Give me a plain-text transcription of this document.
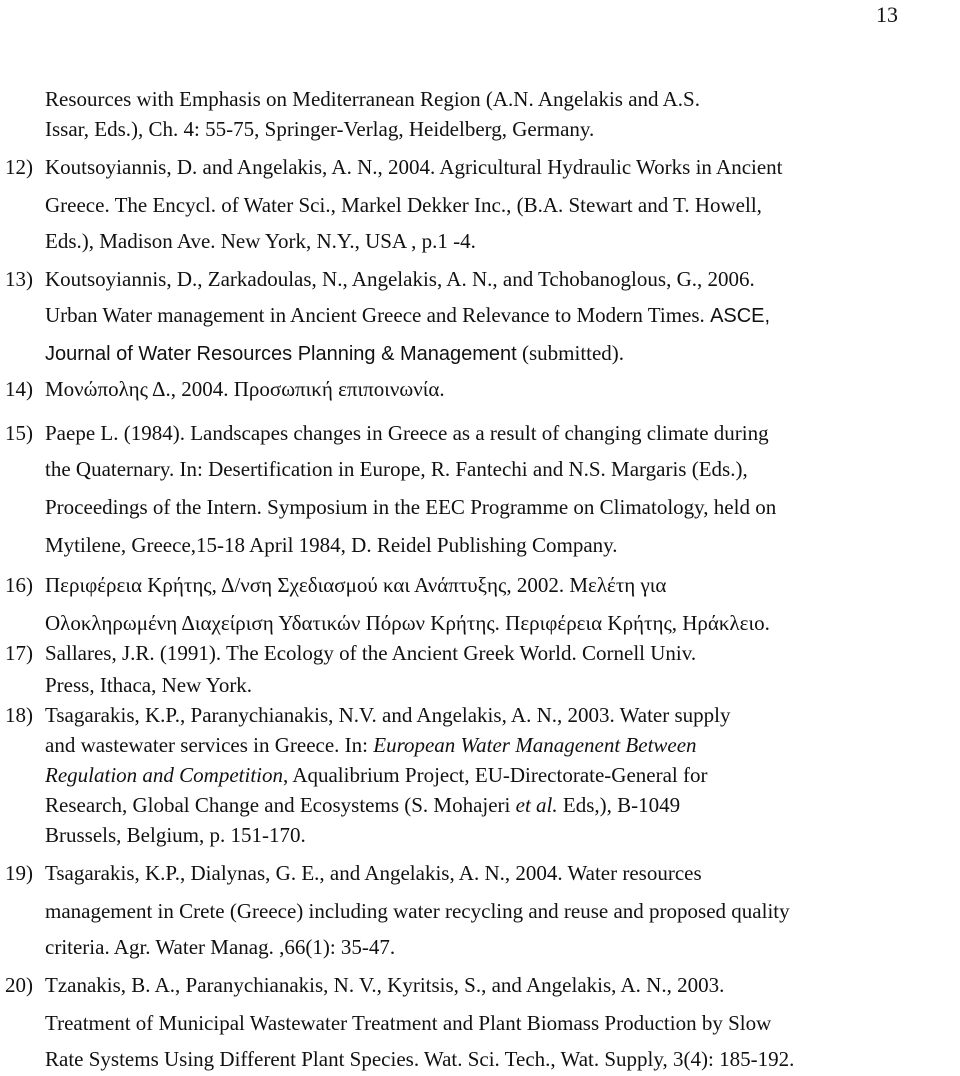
13
Resources with Emphasis on Mediterranean Region (A.N. Angelakis and A.S.
Issar, Eds.), Ch. 4: 55-75, Springer-Verlag, Heidelberg, Germany.
12) Koutsoyiannis, D. and Angelakis, A. N., 2004. Agricultural Hydraulic Works in Ancient
Greece. The Encycl. of Water Sci., Markel Dekker Inc., (B.A. Stewart and T. Howell,
Eds.), Madison Ave. New York, N.Y., USA , p.1 -4.
13) Koutsoyiannis, D., Zarkadoulas, N., Angelakis, A. N., and Tchobanoglous, G., 2006.
Urban Water management in Ancient Greece and Relevance to Modern Times. ASCE,
Journal of Water Resources Planning & Management (submitted).
14) Μονώπολης Δ., 2004. Προσωπική επιποινωνία.
15) Paepe L. (1984). Landscapes changes in Greece as a result of changing climate during
the Quaternary. In: Desertification in Europe, R. Fantechi and N.S. Margaris (Eds.),
Proceedings of the Intern. Symposium in the EEC Programme on Climatology, held on
Mytilene, Greece,15-18 April 1984, D. Reidel Publishing Company.
16) Περιφέρεια Κρήτης, Δ/νση Σχεδιασμού και Ανάπτυξης, 2002. Μελέτη για
Ολοκληρωμένη Διαχείριση Υδατικών Πόρων Κρήτης. Περιφέρεια Κρήτης, Ηράκλειο.
17) Sallares, J.R. (1991). The Ecology of the Ancient Greek World. Cornell Univ.
Press, Ithaca, New York.
18) Tsagarakis, K.P., Paranychianakis, N.V. and Angelakis, A. N., 2003. Water supply
and wastewater services in Greece. In: European Water Managenent Between
Regulation and Competition, Aqualibrium Project, EU-Directorate-General for
Research, Global Change and Ecosystems (S. Mohajeri et al. Eds,), B-1049
Brussels, Belgium, p. 151-170.
19) Tsagarakis, K.P., Dialynas, G. E., and Angelakis, A. N., 2004. Water resources
management in Crete (Greece) including water recycling and reuse and proposed quality
criteria. Agr. Water Manag. ,66(1): 35-47.
20) Tzanakis, B. A., Paranychianakis, N. V., Kyritsis, S., and Angelakis, A. N., 2003.
Treatment of Municipal Wastewater Treatment and Plant Biomass Production by Slow
Rate Systems Using Different Plant Species. Wat. Sci. Tech., Wat. Supply, 3(4): 185-192.
